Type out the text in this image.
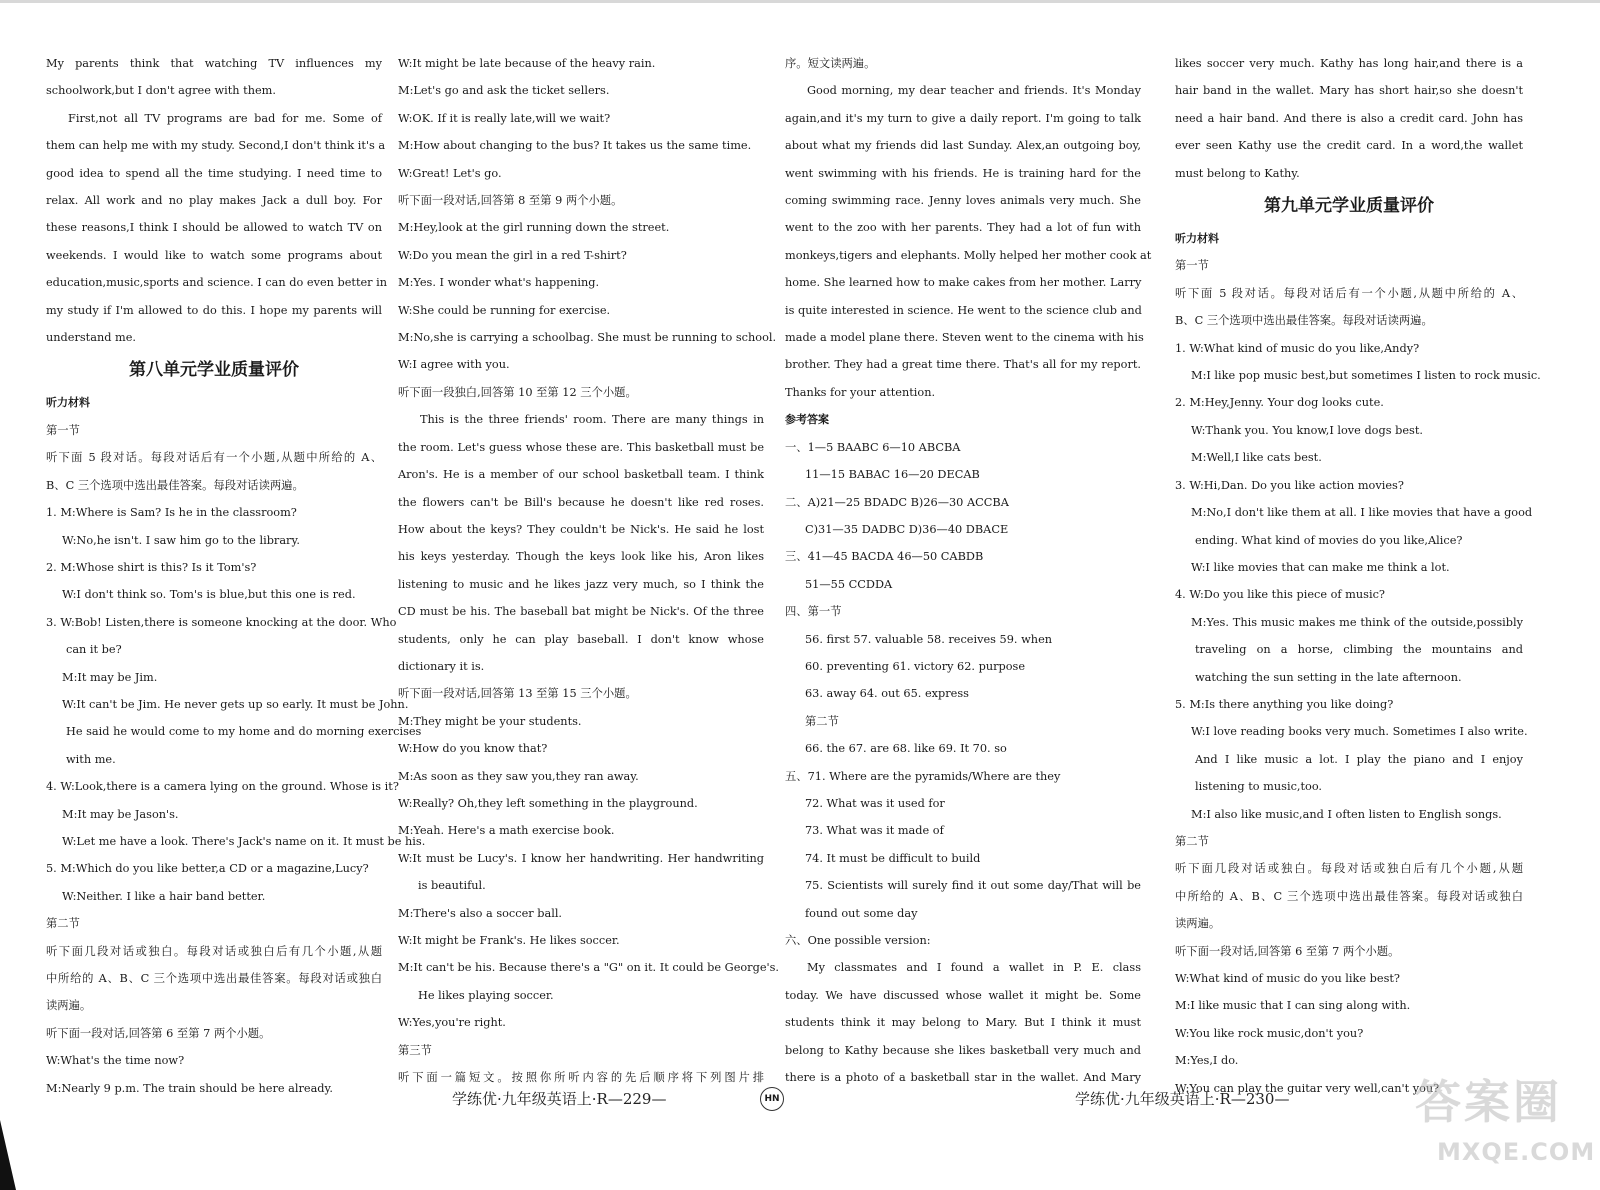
My parents think that watching TV influences my

schoolwork,but I don't agree with them.

First,not all TV programs are bad for me. Some of

them can help me with my study. Second,I don't think it's a

good idea to spend all the time studying. I need time to

relax. All work and no play makes Jack a dull boy. For

these reasons,I think I should be allowed to watch TV on

weekends. I would like to watch some programs about

education,music,sports and science. I can do even better in

my study if I'm allowed to do this. I hope my parents will

understand me.

第八单元学业质量评价

听力材料

第一节

听下面 5 段对话。每段对话后有一个小题,从题中所给的 A、

B、C 三个选项中选出最佳答案。每段对话读两遍。

1. M:Where is Sam? Is he in the classroom?

W:No,he isn't. I saw him go to the library.

2. M:Whose shirt is this? Is it Tom's?

W:I don't think so. Tom's is blue,but this one is red.

3. W:Bob! Listen,there is someone knocking at the door. Who

can it be?

M:It may be Jim.

W:It can't be Jim. He never gets up so early. It must be John.

He said he would come to my home and do morning exercises

with me.

4. W:Look,there is a camera lying on the ground. Whose is it?

M:It may be Jason's.

W:Let me have a look. There's Jack's name on it. It must be his.

5. M:Which do you like better,a CD or a magazine,Lucy?

W:Neither. I like a hair band better.

第二节

听下面几段对话或独白。每段对话或独白后有几个小题,从题

中所给的 A、B、C 三个选项中选出最佳答案。每段对话或独白

读两遍。

听下面一段对话,回答第 6 至第 7 两个小题。

W:What's the time now?

M:Nearly 9 p.m. The train should be here already.

W:It might be late because of the heavy rain.

M:Let's go and ask the ticket sellers.

W:OK. If it is really late,will we wait?

M:How about changing to the bus? It takes us the same time.

W:Great! Let's go.

听下面一段对话,回答第 8 至第 9 两个小题。

M:Hey,look at the girl running down the street.

W:Do you mean the girl in a red T-shirt?

M:Yes. I wonder what's happening.

W:She could be running for exercise.

M:No,she is carrying a schoolbag. She must be running to school.

W:I agree with you.

听下面一段独白,回答第 10 至第 12 三个小题。

This is the three friends' room. There are many things in

the room. Let's guess whose these are. This basketball must be

Aron's. He is a member of our school basketball team. I think

the flowers can't be Bill's because he doesn't like red roses.

How about the keys? They couldn't be Nick's. He said he lost

his keys yesterday. Though the keys look like his, Aron likes

listening to music and he likes jazz very much, so I think the

CD must be his. The baseball bat might be Nick's. Of the three

students, only he can play baseball. I don't know whose

dictionary it is.

听下面一段对话,回答第 13 至第 15 三个小题。

M:They might be your students.

W:How do you know that?

M:As soon as they saw you,they ran away.

W:Really? Oh,they left something in the playground.

M:Yeah. Here's a math exercise book.

W:It must be Lucy's. I know her handwriting. Her handwriting

is beautiful.

M:There's also a soccer ball.

W:It might be Frank's. He likes soccer.

M:It can't be his. Because there's a "G" on it. It could be George's.

He likes playing soccer.

W:Yes,you're right.

第三节

听下面一篇短文。按照你所听内容的先后顺序将下列图片排

序。短文读两遍。

Good morning, my dear teacher and friends. It's Monday

again,and it's my turn to give a daily report. I'm going to talk

about what my friends did last Sunday. Alex,an outgoing boy,

went swimming with his friends. He is training hard for the

coming swimming race. Jenny loves animals very much. She

went to the zoo with her parents. They had a lot of fun with

monkeys,tigers and elephants. Molly helped her mother cook at

home. She learned how to make cakes from her mother. Larry

is quite interested in science. He went to the science club and

made a model plane there. Steven went to the cinema with his

brother. They had a great time there. That's all for my report.

Thanks for your attention.

参考答案

一、1—5 BAABC 6—10 ABCBA

11—15 BABAC 16—20 DECAB

二、A)21—25 BDADC B)26—30 ACCBA

C)31—35 DADBC D)36—40 DBACE

三、41—45 BACDA 46—50 CABDB

51—55 CCDDA

四、第一节

56. first 57. valuable 58. receives 59. when

60. preventing 61. victory 62. purpose

63. away 64. out 65. express

第二节

66. the 67. are 68. like 69. It 70. so

五、71. Where are the pyramids/Where are they

72. What was it used for

73. What was it made of

74. It must be difficult to build

75. Scientists will surely find it out some day/That will be

found out some day

六、One possible version:

My classmates and I found a wallet in P. E. class

today. We have discussed whose wallet it might be. Some

students think it may belong to Mary. But I think it must

belong to Kathy because she likes basketball very much and

there is a photo of a basketball star in the wallet. And Mary

likes soccer very much. Kathy has long hair,and there is a

hair band in the wallet. Mary has short hair,so she doesn't

need a hair band. And there is also a credit card. John has

ever seen Kathy use the credit card. In a word,the wallet

must belong to Kathy.

第九单元学业质量评价

听力材料

第一节

听下面 5 段对话。每段对话后有一个小题,从题中所给的 A、

B、C 三个选项中选出最佳答案。每段对话读两遍。

1. W:What kind of music do you like,Andy?

M:I like pop music best,but sometimes I listen to rock music.

2. M:Hey,Jenny. Your dog looks cute.

W:Thank you. You know,I love dogs best.

M:Well,I like cats best.

3. W:Hi,Dan. Do you like action movies?

M:No,I don't like them at all. I like movies that have a good

ending. What kind of movies do you like,Alice?

W:I like movies that can make me think a lot.

4. W:Do you like this piece of music?

M:Yes. This music makes me think of the outside,possibly

traveling on a horse, climbing the mountains and

watching the sun setting in the late afternoon.

5. M:Is there anything you like doing?

W:I love reading books very much. Sometimes I also write.

And I like music a lot. I play the piano and I enjoy

listening to music,too.

M:I also like music,and I often listen to English songs.

第二节

听下面几段对话或独白。每段对话或独白后有几个小题,从题

中所给的 A、B、C 三个选项中选出最佳答案。每段对话或独白

读两遍。

听下面一段对话,回答第 6 至第 7 两个小题。

W:What kind of music do you like best?

M:I like music that I can sing along with.

W:You like rock music,don't you?

M:Yes,I do.

W:You can play the guitar very well,can't you?

学练优·九年级英语上·R—229—	HN	学练优·九年级英语上·R—230—	答案圈
MXQE.COM
